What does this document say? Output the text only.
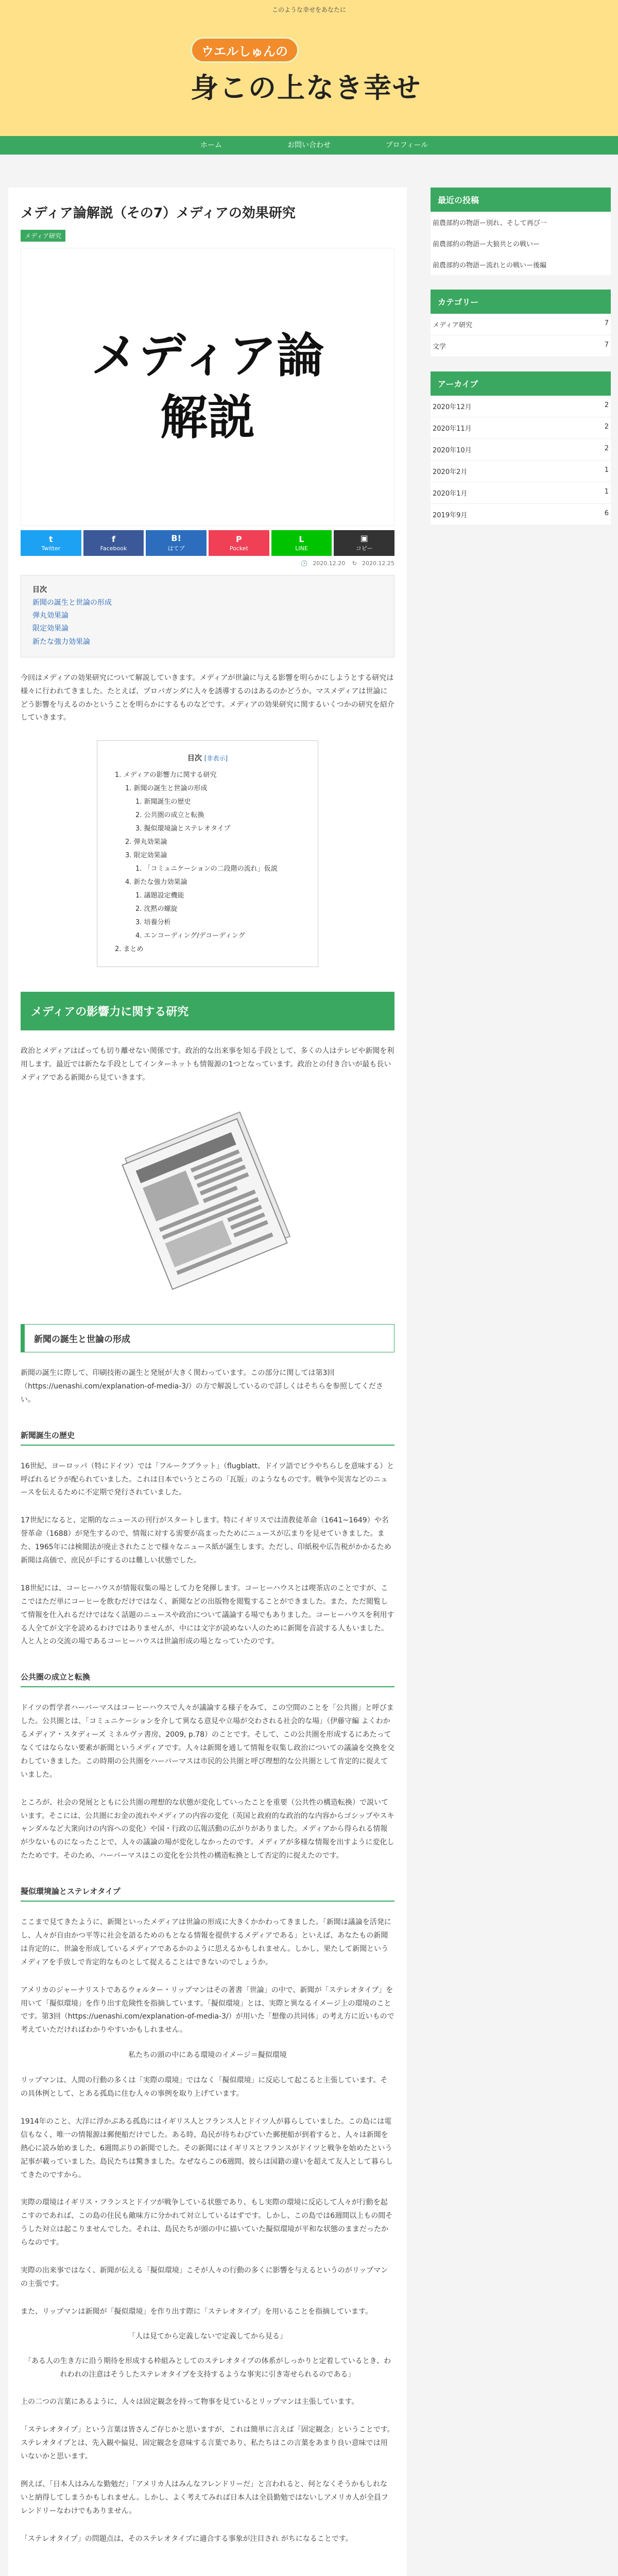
このような幸せをあなたに
ウエルしゅんの
身この上なき幸せ
ホーム	お問い合わせ	プロフィール
メディア論解説（その7）メディアの効果研究
メディア研究
メディア論
解説
t
Twitter
f
Facebook
B!
はてブ
P
Pocket
L
LINE
▣
コピー
🕒 2020.12.20 ↻ 2020.12.25
目次
新聞の誕生と世論の形成
弾丸効果論
限定効果論
新たな強力効果論

今回はメディアの効果研究について解説していきます。メディアが世論に与える影響を明らかにしようとする研究は様々に行われてきました。たとえば、プロパガンダに人々を誘導するのはあるのかどうか。マスメディアは世論にどう影響を与えるのかということを明らかにするものなどです。メディアの効果研究に関するいくつかの研究を紹介していきます。

目次 [非表示]
1. メディアの影響力に関する研究
1. 新聞の誕生と世論の形成
1. 新聞誕生の歴史
2. 公共圏の成立と転換
3. 擬似環境論とステレオタイプ
2. 弾丸効果論
3. 限定効果論
1. 「コミュニケーションの二段階の流れ」仮説
4. 新たな強力効果論
1. 議題設定機能
2. 沈黙の螺旋
3. 培養分析
4. エンコーディング/デコーディング
2. まとめ
メディアの影響力に関する研究

政治とメディアはぱっても切り離せない関係です。政治的な出来事を知る手段として、多くの人はテレビや新聞を利用します。最近では新たな手段としてインターネットも情報源の1つとなっています。政治との付き合いが最も長いメディアである新聞から見ていきます。

新聞の誕生と世論の形成

新聞の誕生に際して、印刷技術の誕生と発展が大きく関わっています。この部分に関しては第3回（https://uenashi.com/explanation-of-media-3/）の方で解説しているので詳しくはそちらを参照してください。

新聞誕生の歴史

16世紀、ヨーロッパ（特にドイツ）では「フルークブラット」（flugblatt、ドイツ語でビラやちらしを意味する）と呼ばれるビラが配られていました。これは日本でいうところの「瓦版」のようなものです。戦争や災害などのニュースを伝えるために不定期で発行されていました。

17世紀になると、定期的なニュースの刊行がスタートします。特にイギリスでは清教徒革命（1641~1649）や名誉革命（1688）が発生するので、情報に対する需要が高まったためにニュースが広まりを見せていきました。また、1965年には検閲法が廃止されたことで様々なニュース紙が誕生します。ただし、印紙税や広告税がかかるため新聞は高価で、庶民が手にするのは難しい状態でした。

18世紀には、コーヒーハウスが情報収集の場として力を発揮します。コーヒーハウスとは喫茶店のことですが、ここではただ単にコーヒーを飲むだけではなく、新聞などの出版物を閲覧することができました。また、ただ閲覧して情報を仕入れるだけではなく話題のニュースや政治について議論する場でもありました。コーヒーハウスを利用する人全てが文字を読めるわけではありませんが、中には文字が読めない人のために新聞を音読する人もいました。人と人との交流の場であるコーヒーハウスは世論形成の場となっていたのです。

公共圏の成立と転換

ドイツの哲学者ハーバーマスはコーヒーハウスで人々が議論する様子をみて、この空間のことを「公共圏」と呼びました。公共圏とは、「コミュニケーションを介して異なる意見や立場が交わされる社会的な場」（伊藤守編 よくわかるメディア・スタディーズ ミネルヴァ書房、2009, p.78）のことです。そして、この公共圏を形成するにあたってなくてはならない要素が新聞というメディアです。人々は新聞を通して情報を収集し政治についての議論を交換を交わしていきました。この時期の公共圏をハーバーマスは市民的公共圏と呼び理想的な公共圏として肯定的に捉えていました。

ところが、社会の発展とともに公共圏の理想的な状態が変化していったことを重要（公共性の構造転換）で説いています。そこには、公共圏にお金の流れやメディアの内容の変化（英国と政府的な政治的な内容からゴシップやスキャンダルなど大衆向けの内容への変化）や国・行政の広報活動の広がりがありました。メディアから得られる情報が少ないものになったことで、人々の議論の場が変化しなかったのです。メディアが多様な情報を出すように変化したためです。そのため、ハーバーマスはこの変化を公共性の構造転換として否定的に捉えたのです。

擬似環境論とステレオタイプ

ここまで見てきたように、新聞といったメディアは世論の形成に大きくかかわってきました。「新聞は議論を活発にし、人々が自由かつ平等に社会を語るためのもとなる情報を提供するメディアである」といえば、あなたもの新聞は肯定的に、世論を形成しているメディアであるかのように思えるかもしれません。しかし、果たして新聞というメディアを手放しで肯定的なものとして捉えることはできないのでしょうか。

アメリカのジャーナリストであるウォルター・リップマンはその著書「世論」の中で、新聞が「ステレオタイプ」を用いて「擬似環境」を作り出す危険性を指摘しています。「擬似環境」とは、実際と異なるイメージ上の環境のことです。第3回（https://uenashi.com/explanation-of-media-3/）が用いた「想像の共同体」の考え方に近いもので考えていただければわかりやすいかもしれません。

私たちの頭の中にある環境のイメージ＝擬似環境

リップマンは、人間の行動の多くは「実際の環境」ではなく「擬似環境」に反応して起こると主張しています。その具体例として、とある孤島に住む人々の事例を取り上げています。

1914年のこと、大洋に浮かぶある孤島にはイギリス人とフランス人とドイツ人が暮らしていました。この島には電信もなく、唯一の情報源は郵便船だけでした。ある時、島民が待ちわびていた郵便船が到着すると、人々は新聞を熱心に読み始めました。6週間ぶりの新聞でした。その新聞にはイギリスとフランスがドイツと戦争を始めたという記事が載っていました。島民たちは驚きました。なぜならこの6週間、彼らは国籍の違いを超えて友人として暮らしてきたのですから。

実際の環境はイギリス・フランスとドイツが戦争している状態であり、もし実際の環境に反応して人々が行動を起こすのであれば、この島の住民も敵味方に分かれて対立しているはずです。しかし、この島では6週間以上もの間そうした対立は起こりませんでした。それは、島民たちが頭の中に描いていた擬似環境が平和な状態のままだったからなのです。

実際の出来事ではなく、新聞が伝える「擬似環境」こそが人々の行動の多くに影響を与えるというのがリップマンの主張です。

また、リップマンは新聞が「擬似環境」を作り出す際に「ステレオタイプ」を用いることを指摘しています。

「人は見てから定義しないで定義してから見る」
「ある人の生き方に沿う期待を形成する枠組みとしてのステレオタイプの体系がしっかりと定着しているとき、われわれの注意はそうしたステレオタイプを支持するような事実に引き寄せられるのである」

上の二つの言葉にあるように、人々は固定観念を持って物事を見ているとリップマンは主張しています。

「ステレオタイプ」という言葉は皆さんご存じかと思いますが、これは簡単に言えば「固定観念」ということです。ステレオタイプとは、先入観や偏見、固定観念を意味する言葉であり、私たちはこの言葉をあまり良い意味では用いないかと思います。

例えば、「日本人はみんな勤勉だ」「アメリカ人はみんなフレンドリーだ」と言われると、何となくそうかもしれないと納得してしまうかもしれません。しかし、よく考えてみれば日本人は全員勤勉ではないしアメリカ人が全員フレンドリーなわけでもありません。

「ステレオタイプ」の問題点は、そのステレオタイプに適合する事象が注目され がちになることです。

最近の投稿
前農部約の物語ー別れ、そして再び一
前農部約の物語ー大狼共との戦いー
前農部約の物語ー流れとの戦いー後編
カテゴリー
メディア研究	7
文学	7
アーカイブ
2020年12月	2
2020年11月	2
2020年10月	2
2020年2月	1
2020年1月	1
2019年9月	6
